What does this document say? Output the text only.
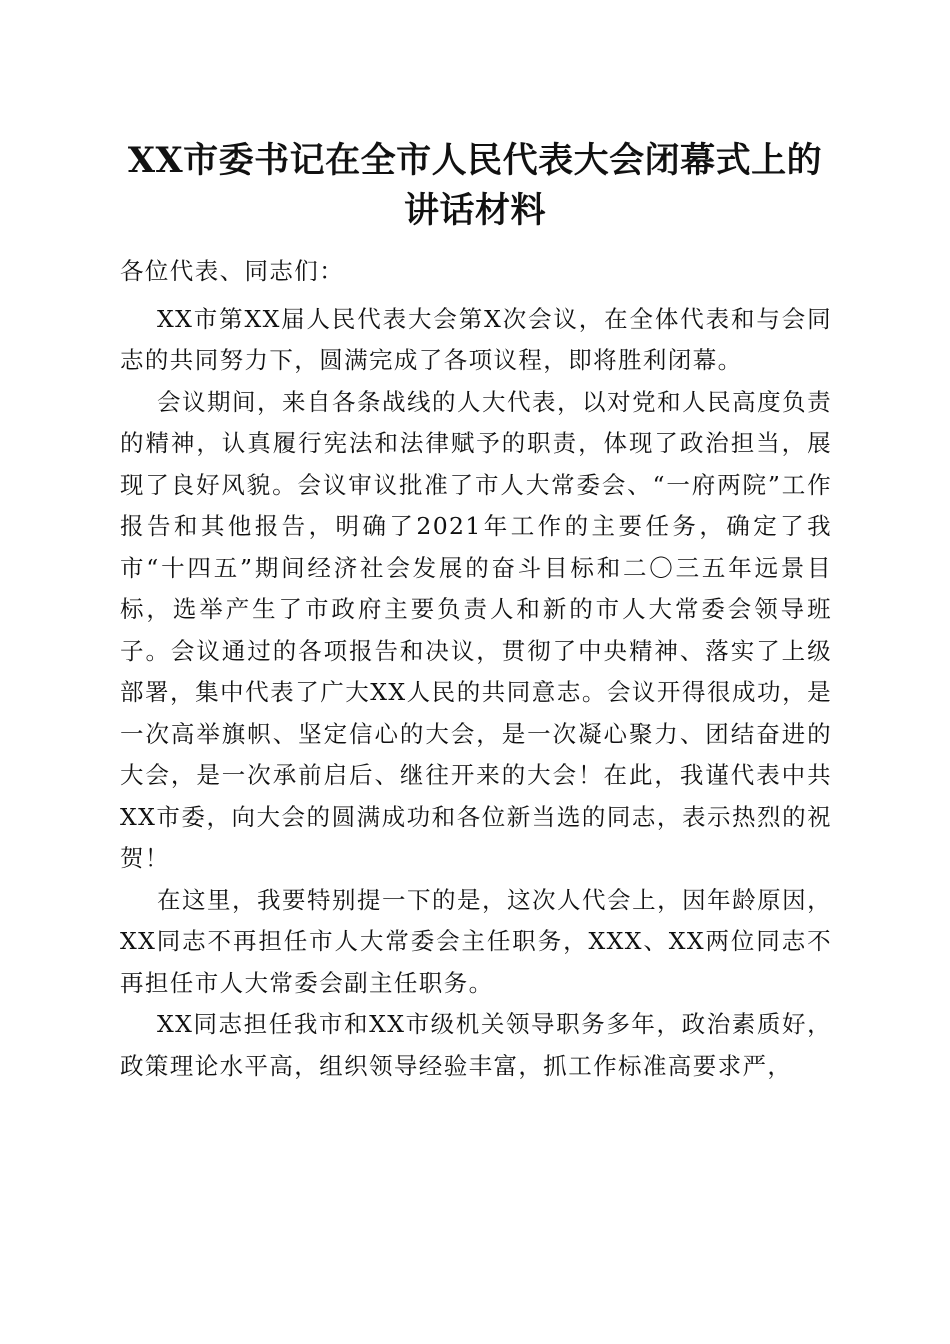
XX市委书记在全市人民代表大会闭幕式上的
讲话材料

各位代表、同志们：

XX市第XX届人民代表大会第X次会议，在全体代表和与会同志的共同努力下，圆满完成了各项议程，即将胜利闭幕。

会议期间，来自各条战线的人大代表，以对党和人民高度负责的精神，认真履行宪法和法律赋予的职责，体现了政治担当，展现了良好风貌。会议审议批准了市人大常委会、“一府两院”工作报告和其他报告，明确了2021年工作的主要任务，确定了我市“十四五”期间经济社会发展的奋斗目标和二〇三五年远景目标，选举产生了市政府主要负责人和新的市人大常委会领导班子。会议通过的各项报告和决议，贯彻了中央精神、落实了上级部署，集中代表了广大XX人民的共同意志。会议开得很成功，是一次高举旗帜、坚定信心的大会，是一次凝心聚力、团结奋进的大会，是一次承前启后、继往开来的大会！在此，我谨代表中共XX市委，向大会的圆满成功和各位新当选的同志，表示热烈的祝贺！

在这里，我要特别提一下的是，这次人代会上，因年龄原因，XX同志不再担任市人大常委会主任职务，XXX、XX两位同志不再担任市人大常委会副主任职务。

XX同志担任我市和XX市级机关领导职务多年，政治素质好，政策理论水平高，组织领导经验丰富，抓工作标准高要求严，
